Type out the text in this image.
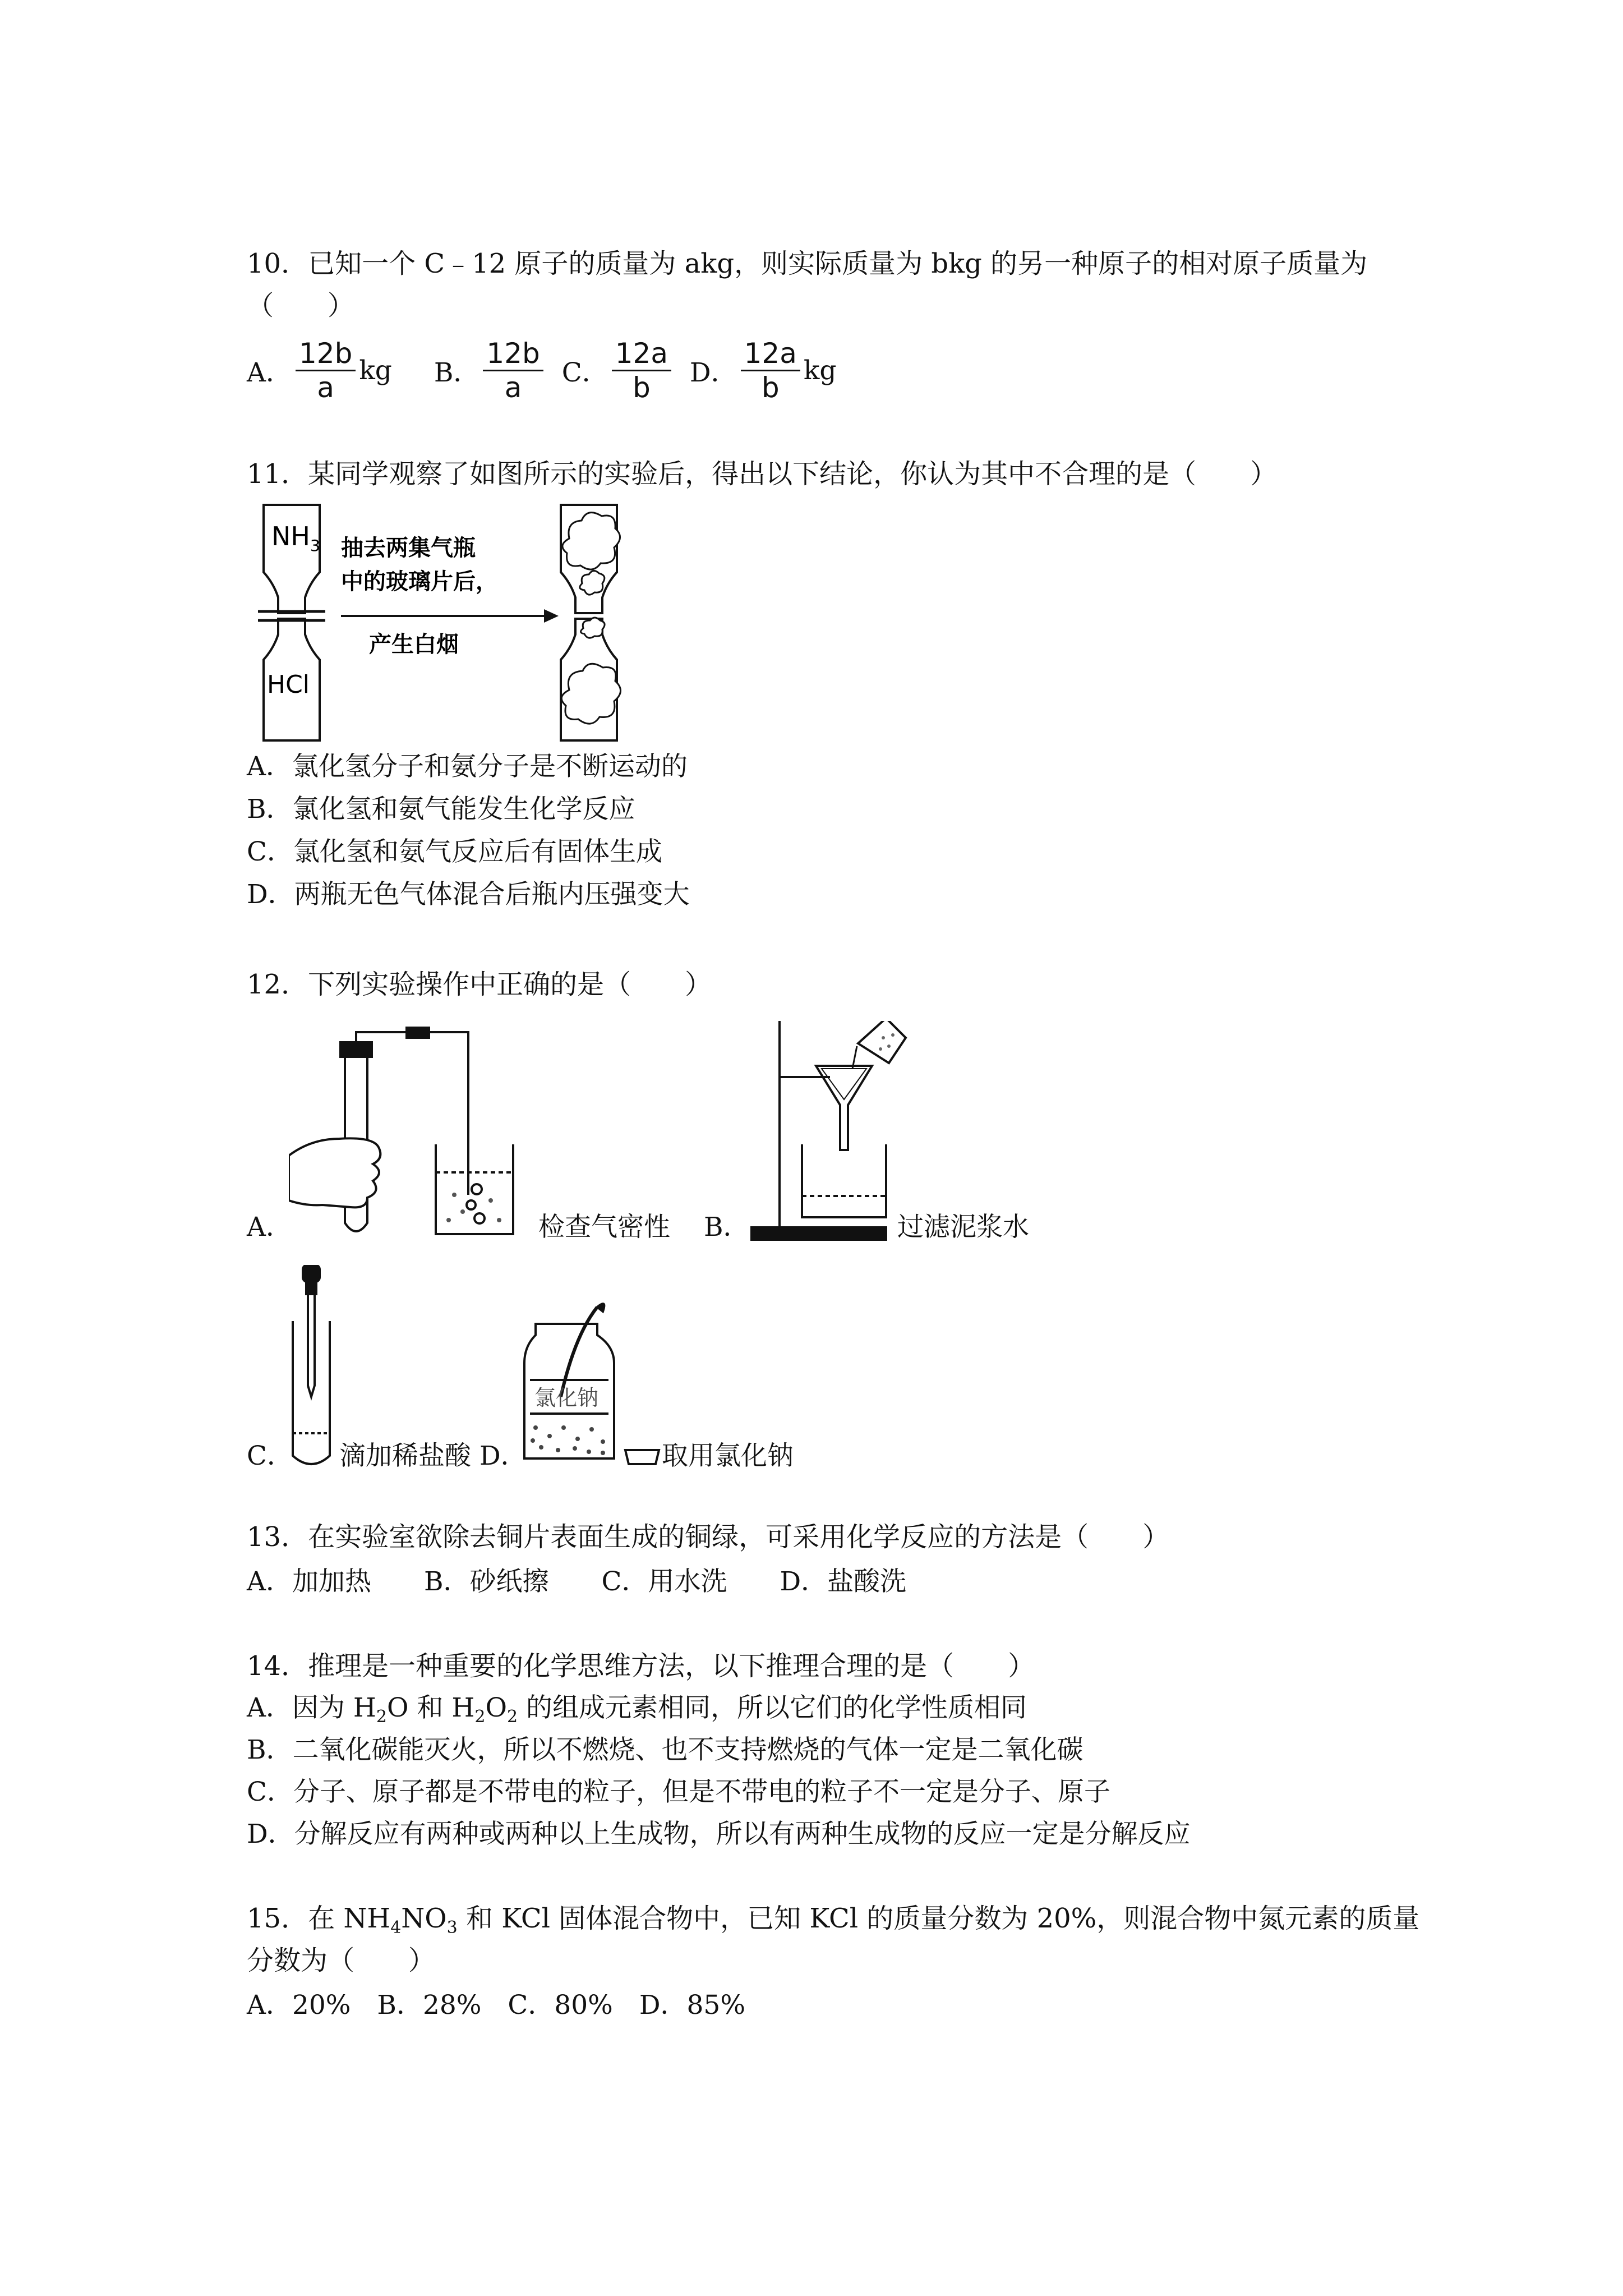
10．已知一个 C﹣12 原子的质量为 akg，则实际质量为 bkg 的另一种原子的相对原子质量为
（　　）
A． $\frac{12b}{a}$ kg
B． $\frac{12b}{a}$
C． $\frac{12a}{b}$
D． $\frac{12a}{b}$ kg
11．某同学观察了如图所示的实验后，得出以下结论，你认为其中不合理的是（　　）
$NH_3$
HCl
抽去两集气瓶
中的玻璃片后，
产生白烟
A．氯化氢分子和氨分子是不断运动的
B．氯化氢和氨气能发生化学反应
C．氯化氢和氨气反应后有固体生成
D．两瓶无色气体混合后瓶内压强变大
12．下列实验操作中正确的是（　　）
A．	检查气密性 B．	过滤泥浆水
C． 滴加稀盐酸 D．
氯化钠
取用氯化钠
13．在实验室欲除去铜片表面生成的铜绿，可采用化学反应的方法是（　　）
A．加加热　　B．砂纸擦　　C．用水洗　　D．盐酸洗
14．推理是一种重要的化学思维方法，以下推理合理的是（　　）
A．因为 $H_2O$ 和 $H_2O_2$ 的组成元素相同，所以它们的化学性质相同
B．二氧化碳能灭火，所以不燃烧、也不支持燃烧的气体一定是二氧化碳
C．分子、原子都是不带电的粒子，但是不带电的粒子不一定是分子、原子
D．分解反应有两种或两种以上生成物，所以有两种生成物的反应一定是分解反应
15．在 $NH_4NO_3$ 和 KCl 固体混合物中，已知 KCl 的质量分数为 20%，则混合物中氮元素的质量
分数为（　　）
A．20%　B．28%　C．80%　D．85%
